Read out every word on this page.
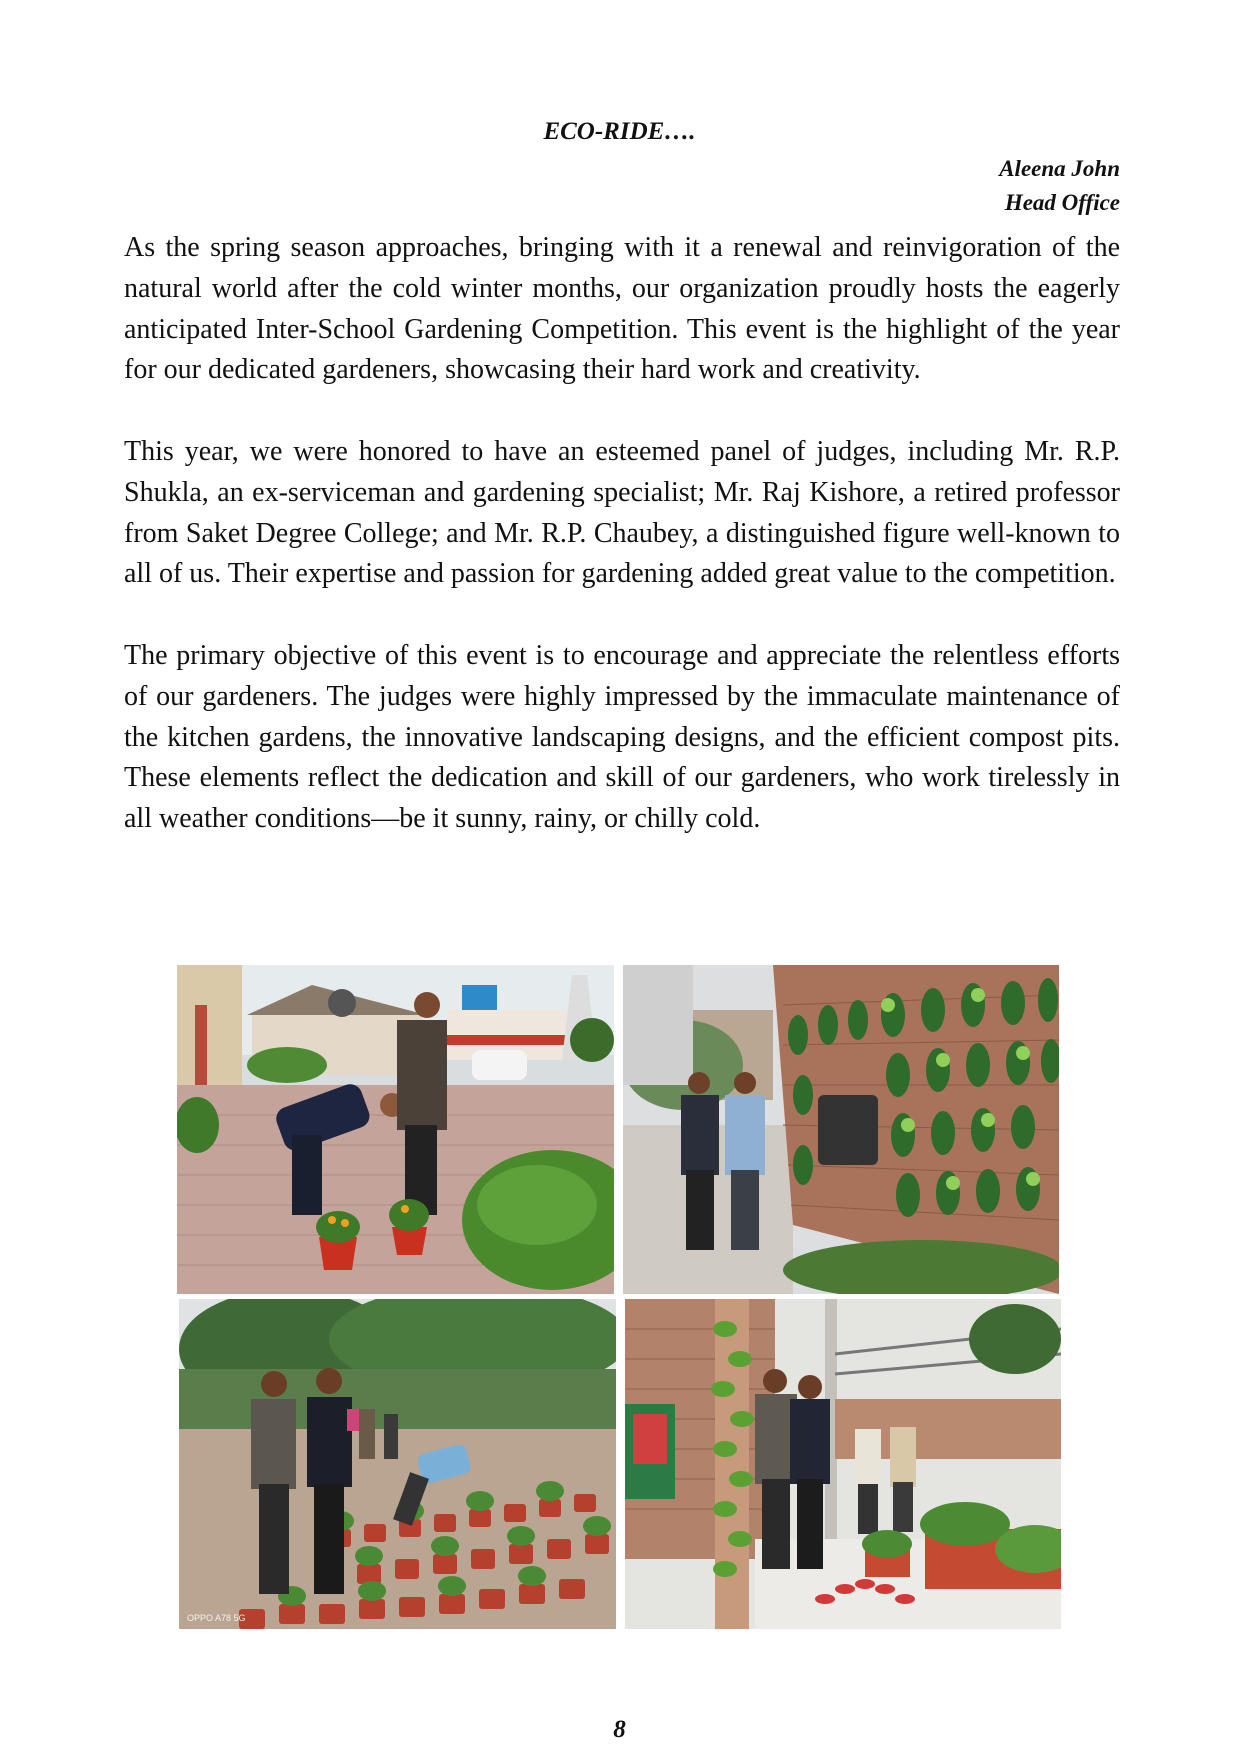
ECO-RIDE….
Aleena John
Head Office

As the spring season approaches, bringing with it a renewal and reinvigoration of the natural world after the cold winter months, our organization proudly hosts the eagerly anticipated Inter-School Gardening Competition. This event is the highlight of the year for our dedicated gardeners, showcasing their hard work and creativity.

This year, we were honored to have an esteemed panel of judges, including Mr. R.P. Shukla, an ex-serviceman and gardening specialist; Mr. Raj Kishore, a retired professor from Saket Degree College; and Mr. R.P. Chaubey, a distinguished figure well-known to all of us. Their expertise and passion for gardening added great value to the competition.

The primary objective of this event is to encourage and appreciate the relentless efforts of our gardeners. The judges were highly impressed by the immaculate maintenance of the kitchen gardens, the innovative landscaping designs, and the efficient compost pits. These elements reflect the dedication and skill of our gardeners, who work tirelessly in all weather conditions—be it sunny, rainy, or chilly cold.

OPPO A78 5G
8
